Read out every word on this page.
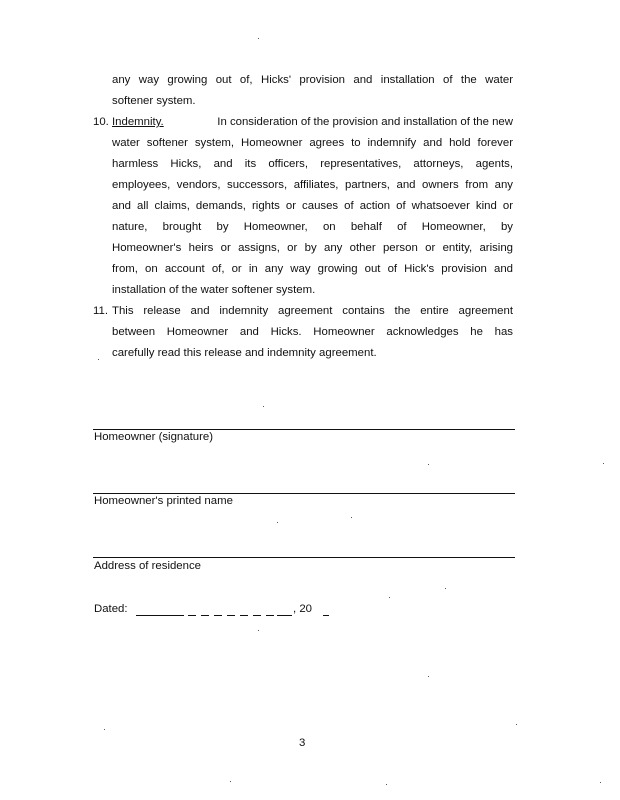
any way growing out of, Hicks' provision and installation of the water
softener system.
10. Indemnity.	In consideration of the provision and installation of the new
water softener system, Homeowner agrees to indemnify and hold forever
harmless Hicks, and its officers, representatives, attorneys, agents,
employees, vendors, successors, affiliates, partners, and owners from any
and all claims, demands, rights or causes of action of whatsoever kind or
nature, brought by Homeowner, on behalf of Homeowner, by
Homeowner's heirs or assigns, or by any other person or entity, arising
from, on account of, or in any way growing out of Hick's provision and
installation of the water softener system.
11. This release and indemnity agreement contains the entire agreement
between Homeowner and Hicks. Homeowner acknowledges he has
carefully read this release and indemnity agreement.
Homeowner (signature)
Homeowner's printed name
Address of residence
Dated:	, 20
3
